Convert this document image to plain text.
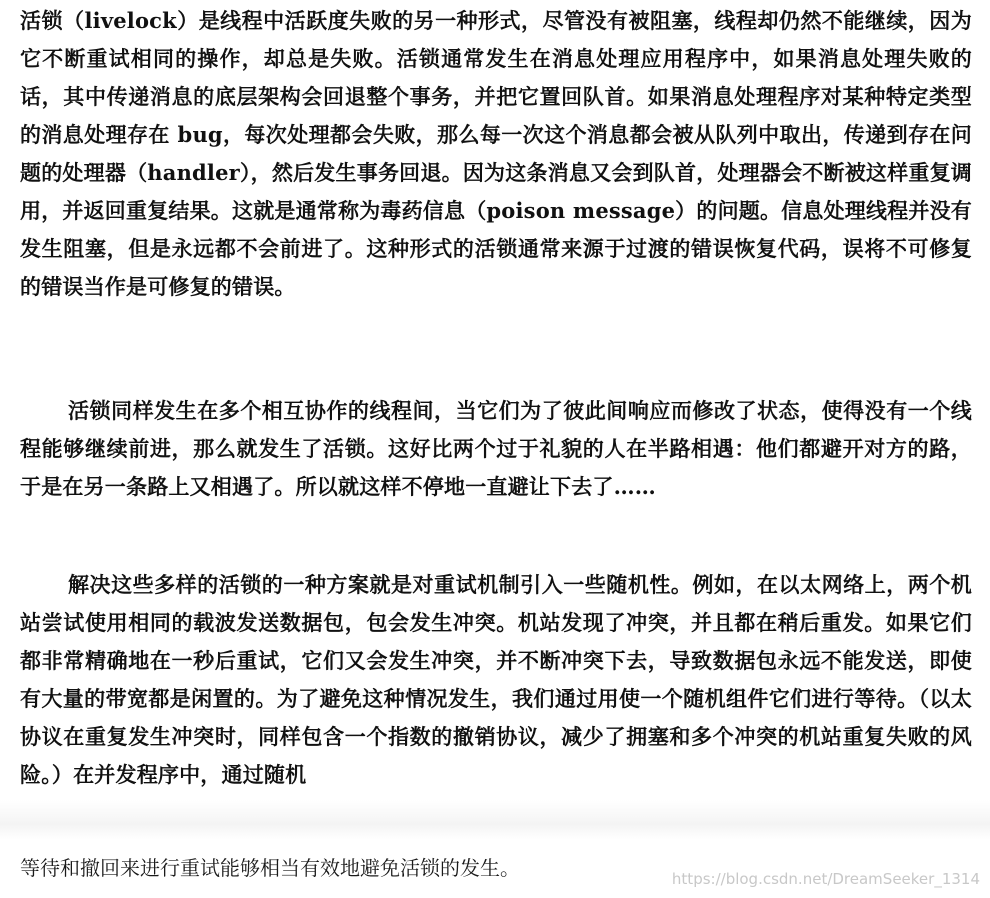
活锁（livelock）是线程中活跃度失败的另一种形式，尽管没有被阻塞，线程却仍然不能继续，因为它不断重试相同的操作，却总是失败。活锁通常发生在消息处理应用程序中，如果消息处理失败的话，其中传递消息的底层架构会回退整个事务，并把它置回队首。如果消息处理程序对某种特定类型的消息处理存在 bug，每次处理都会失败，那么每一次这个消息都会被从队列中取出，传递到存在问题的处理器（handler），然后发生事务回退。因为这条消息又会到队首，处理器会不断被这样重复调用，并返回重复结果。这就是通常称为毒药信息（poison message）的问题。信息处理线程并没有发生阻塞，但是永远都不会前进了。这种形式的活锁通常来源于过渡的错误恢复代码，误将不可修复的错误当作是可修复的错误。
活锁同样发生在多个相互协作的线程间，当它们为了彼此间响应而修改了状态，使得没有一个线程能够继续前进，那么就发生了活锁。这好比两个过于礼貌的人在半路相遇：他们都避开对方的路，于是在另一条路上又相遇了。所以就这样不停地一直避让下去了……
解决这些多样的活锁的一种方案就是对重试机制引入一些随机性。例如，在以太网络上，两个机站尝试使用相同的载波发送数据包，包会发生冲突。机站发现了冲突，并且都在稍后重发。如果它们都非常精确地在一秒后重试，它们又会发生冲突，并不断冲突下去，导致数据包永远不能发送，即使有大量的带宽都是闲置的。为了避免这种情况发生，我们通过用使一个随机组件它们进行等待。（以太协议在重复发生冲突时，同样包含一个指数的撤销协议，减少了拥塞和多个冲突的机站重复失败的风险。）在并发程序中，通过随机
等待和撤回来进行重试能够相当有效地避免活锁的发生。	https://blog.csdn.net/DreamSeeker_1314
